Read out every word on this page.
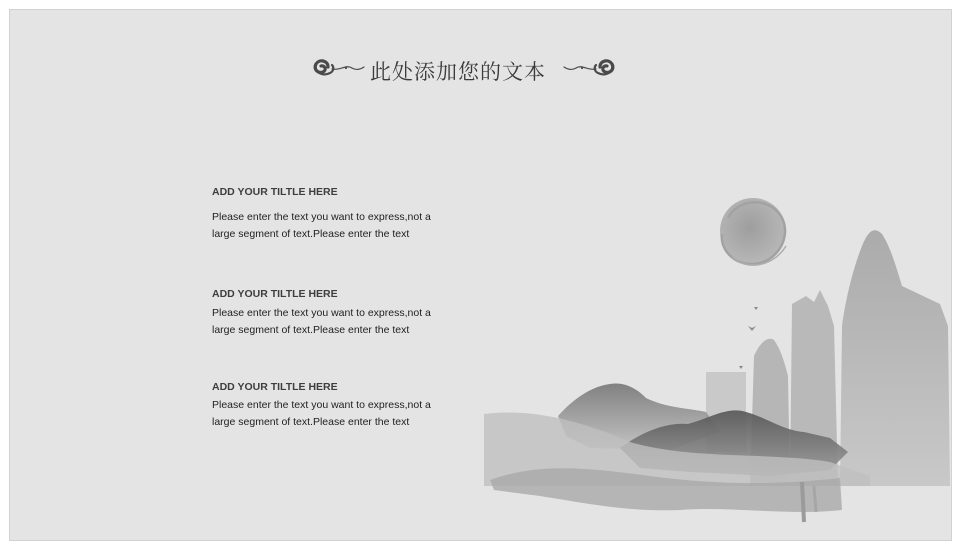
此处添加您的文本

ADD YOUR TILTLE HERE

Please enter the text you want to express,not a
large segment of text.Please enter the text

ADD YOUR TILTLE HERE

Please enter the text you want to express,not a
large segment of text.Please enter the text

ADD YOUR TILTLE HERE

Please enter the text you want to express,not a
large segment of text.Please enter the text
